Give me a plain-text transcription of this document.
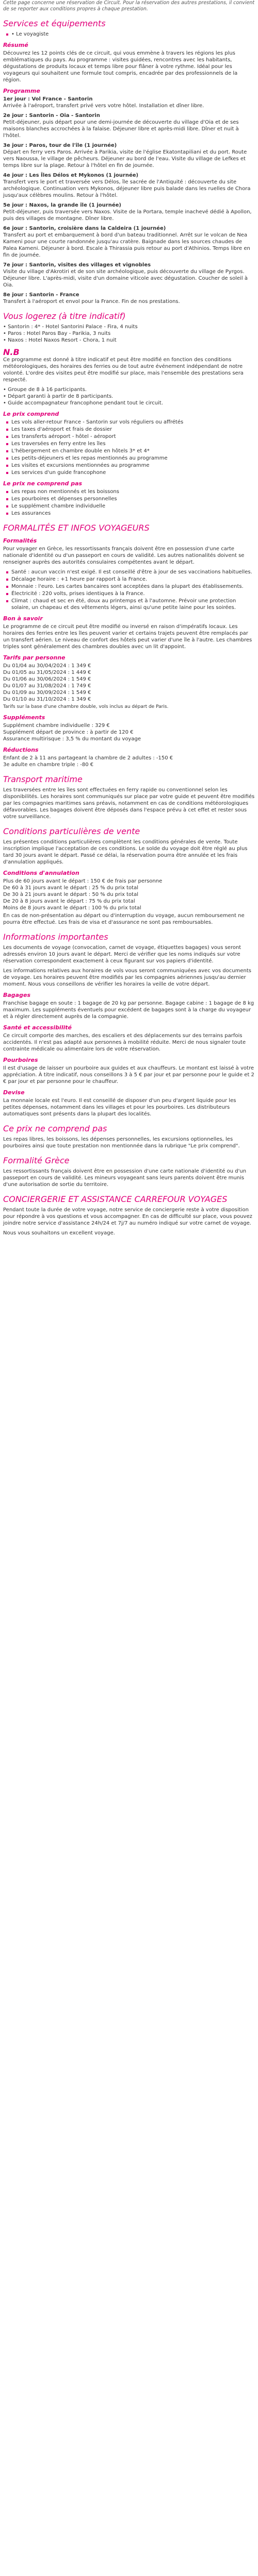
Cette page concerne une réservation de Circuit. Pour la réservation des autres prestations, il convient de se reporter aux conditions propres à chaque prestation.

Services et équipements
• Le voyagiste
Résumé

Découvrez les 12 points clés de ce circuit, qui vous emmène à travers les régions les plus emblématiques du pays. Au programme : visites guidées, rencontres avec les habitants, dégustations de produits locaux et temps libre pour flâner à votre rythme. Idéal pour les voyageurs qui souhaitent une formule tout compris, encadrée par des professionnels de la région.

Programme
1er jour : Vol France - Santorin
Arrivée à l'aéroport, transfert privé vers votre hôtel. Installation et dîner libre.
2e jour : Santorin - Oia - Santorin
Petit-déjeuner, puis départ pour une demi-journée de découverte du village d'Oia et de ses maisons blanches accrochées à la falaise. Déjeuner libre et après-midi libre. Dîner et nuit à l'hôtel.
3e jour : Paros, tour de l'île (1 journée)
Départ en ferry vers Paros. Arrivée à Parikia, visite de l'église Ekatontapiliani et du port. Route vers Naoussa, le village de pêcheurs. Déjeuner au bord de l'eau. Visite du village de Lefkes et temps libre sur la plage. Retour à l'hôtel en fin de journée.
4e jour : Les Îles Délos et Mykonos (1 journée)
Transfert vers le port et traversée vers Délos, île sacrée de l'Antiquité : découverte du site archéologique. Continuation vers Mykonos, déjeuner libre puis balade dans les ruelles de Chora jusqu'aux célèbres moulins. Retour à l'hôtel.
5e jour : Naxos, la grande île (1 journée)
Petit-déjeuner, puis traversée vers Naxos. Visite de la Portara, temple inachevé dédié à Apollon, puis des villages de montagne. Dîner libre.
6e jour : Santorin, croisière dans la Caldeira (1 journée)
Transfert au port et embarquement à bord d'un bateau traditionnel. Arrêt sur le volcan de Nea Kameni pour une courte randonnée jusqu'au cratère. Baignade dans les sources chaudes de Palea Kameni. Déjeuner à bord. Escale à Thirassia puis retour au port d'Athinios. Temps libre en fin de journée.
7e jour : Santorin, visites des villages et vignobles
Visite du village d'Akrotiri et de son site archéologique, puis découverte du village de Pyrgos. Déjeuner libre. L'après-midi, visite d'un domaine viticole avec dégustation. Coucher de soleil à Oia.
8e jour : Santorin - France
Transfert à l'aéroport et envol pour la France. Fin de nos prestations.
Vous logerez (à titre indicatif)
• Santorin : 4* - Hotel Santorini Palace - Fira, 4 nuits
• Paros : Hotel Paros Bay - Parikia, 3 nuits
• Naxos : Hotel Naxos Resort - Chora, 1 nuit
N.B

Ce programme est donné à titre indicatif et peut être modifié en fonction des conditions météorologiques, des horaires des ferries ou de tout autre événement indépendant de notre volonté. L'ordre des visites peut être modifié sur place, mais l'ensemble des prestations sera respecté.

• Groupe de 8 à 16 participants.
• Départ garanti à partir de 8 participants.
• Guide accompagnateur francophone pendant tout le circuit.
Le prix comprend
Les vols aller-retour France - Santorin sur vols réguliers ou affrétés
Les taxes d'aéroport et frais de dossier
Les transferts aéroport - hôtel - aéroport
Les traversées en ferry entre les îles
L'hébergement en chambre double en hôtels 3* et 4*
Les petits-déjeuners et les repas mentionnés au programme
Les visites et excursions mentionnées au programme
Les services d'un guide francophone
Le prix ne comprend pas
Les repas non mentionnés et les boissons
Les pourboires et dépenses personnelles
Le supplément chambre individuelle
Les assurances
FORMALITÉS ET INFOS VOYAGEURS
Formalités

Pour voyager en Grèce, les ressortissants français doivent être en possession d'une carte nationale d'identité ou d'un passeport en cours de validité. Les autres nationalités doivent se renseigner auprès des autorités consulaires compétentes avant le départ.

Santé : aucun vaccin n'est exigé. Il est conseillé d'être à jour de ses vaccinations habituelles.
Décalage horaire : +1 heure par rapport à la France.
Monnaie : l'euro. Les cartes bancaires sont acceptées dans la plupart des établissements.
Électricité : 220 volts, prises identiques à la France.
Climat : chaud et sec en été, doux au printemps et à l'automne. Prévoir une protection solaire, un chapeau et des vêtements légers, ainsi qu'une petite laine pour les soirées.
Bon à savoir

Le programme de ce circuit peut être modifié ou inversé en raison d'impératifs locaux. Les horaires des ferries entre les îles peuvent varier et certains trajets peuvent être remplacés par un transfert aérien. Le niveau de confort des hôtels peut varier d'une île à l'autre. Les chambres triples sont généralement des chambres doubles avec un lit d'appoint.

Tarifs par personne
Du 01/04 au 30/04/2024 : 1 349 €
Du 01/05 au 31/05/2024 : 1 449 €
Du 01/06 au 30/06/2024 : 1 549 €
Du 01/07 au 31/08/2024 : 1 749 €
Du 01/09 au 30/09/2024 : 1 549 €
Du 01/10 au 31/10/2024 : 1 349 €

Tarifs sur la base d'une chambre double, vols inclus au départ de Paris.

Suppléments
Supplément chambre individuelle : 329 €
Supplément départ de province : à partir de 120 €
Assurance multirisque : 3,5 % du montant du voyage
Réductions
Enfant de 2 à 11 ans partageant la chambre de 2 adultes : -150 €
3e adulte en chambre triple : -80 €
Transport maritime

Les traversées entre les îles sont effectuées en ferry rapide ou conventionnel selon les disponibilités. Les horaires sont communiqués sur place par votre guide et peuvent être modifiés par les compagnies maritimes sans préavis, notamment en cas de conditions météorologiques défavorables. Les bagages doivent être déposés dans l'espace prévu à cet effet et rester sous votre surveillance.

Conditions particulières de vente

Les présentes conditions particulières complètent les conditions générales de vente. Toute inscription implique l'acceptation de ces conditions. Le solde du voyage doit être réglé au plus tard 30 jours avant le départ. Passé ce délai, la réservation pourra être annulée et les frais d'annulation appliqués.

Conditions d'annulation
Plus de 60 jours avant le départ : 150 € de frais par personne
De 60 à 31 jours avant le départ : 25 % du prix total
De 30 à 21 jours avant le départ : 50 % du prix total
De 20 à 8 jours avant le départ : 75 % du prix total
Moins de 8 jours avant le départ : 100 % du prix total

En cas de non-présentation au départ ou d'interruption du voyage, aucun remboursement ne pourra être effectué. Les frais de visa et d'assurance ne sont pas remboursables.

Informations importantes

Les documents de voyage (convocation, carnet de voyage, étiquettes bagages) vous seront adressés environ 10 jours avant le départ. Merci de vérifier que les noms indiqués sur votre réservation correspondent exactement à ceux figurant sur vos papiers d'identité.

Les informations relatives aux horaires de vols vous seront communiquées avec vos documents de voyage. Les horaires peuvent être modifiés par les compagnies aériennes jusqu'au dernier moment. Nous vous conseillons de vérifier les horaires la veille de votre départ.

Bagages

Franchise bagage en soute : 1 bagage de 20 kg par personne. Bagage cabine : 1 bagage de 8 kg maximum. Les suppléments éventuels pour excédent de bagages sont à la charge du voyageur et à régler directement auprès de la compagnie.

Santé et accessibilité

Ce circuit comporte des marches, des escaliers et des déplacements sur des terrains parfois accidentés. Il n'est pas adapté aux personnes à mobilité réduite. Merci de nous signaler toute contrainte médicale ou alimentaire lors de votre réservation.

Pourboires

Il est d'usage de laisser un pourboire aux guides et aux chauffeurs. Le montant est laissé à votre appréciation. À titre indicatif, nous conseillons 3 à 5 € par jour et par personne pour le guide et 2 € par jour et par personne pour le chauffeur.

Devise

La monnaie locale est l'euro. Il est conseillé de disposer d'un peu d'argent liquide pour les petites dépenses, notamment dans les villages et pour les pourboires. Les distributeurs automatiques sont présents dans la plupart des localités.

Ce prix ne comprend pas

Les repas libres, les boissons, les dépenses personnelles, les excursions optionnelles, les pourboires ainsi que toute prestation non mentionnée dans la rubrique "Le prix comprend".

Formalité Grèce

Les ressortissants français doivent être en possession d'une carte nationale d'identité ou d'un passeport en cours de validité. Les mineurs voyageant sans leurs parents doivent être munis d'une autorisation de sortie du territoire.

CONCIERGERIE ET ASSISTANCE CARREFOUR VOYAGES

Pendant toute la durée de votre voyage, notre service de conciergerie reste à votre disposition pour répondre à vos questions et vous accompagner. En cas de difficulté sur place, vous pouvez joindre notre service d'assistance 24h/24 et 7j/7 au numéro indiqué sur votre carnet de voyage.

Nous vous souhaitons un excellent voyage.
